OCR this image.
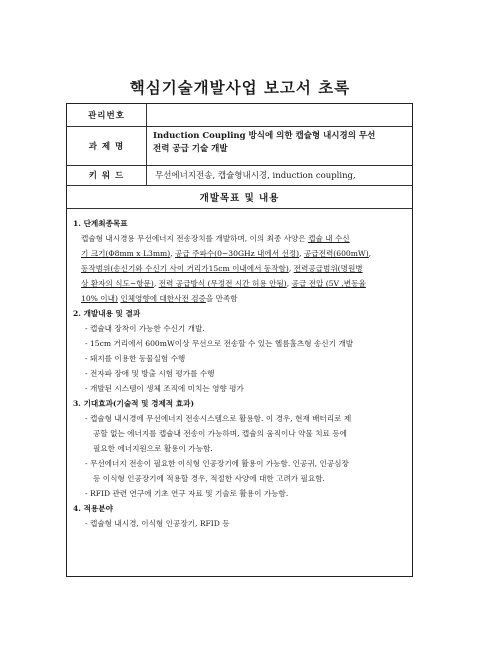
핵심기술개발사업 보고서 초록
관리번호
과 제 명
Induction Coupling 방식에 의한 캡슐형 내시경의 무선
전력 공급 기술 개발
키 워 드	무선에너지전송, 캡슐형내시경, induction coupling,
개발목표 및 내용
1. 단계최종목표
캡슐형 내시경용 무선에너지 전송장치를 개발하며, 이의 최종 사양은 캡슐 내 수신
기 크기(Φ8mm x L3mm), 공급 주파수(0~30GHz 내에서 선정), 공급전력(600mW),
동작범위(송신기와 수신기 사이 거리가15cm 이내에서 동작함), 전력공급범위(명원병
상 환자의 식도~항문), 전력 공급방식 (무정전 시간 허용 안됨), 공급 전압 (5V ,변동율
10% 이내) 인체영향에 대한사전 검증을 만족함
2. 개발내용 및 결과
- 캡슐내 장착이 가능한 수신기 개발.
- 15cm 거리에서 600mW이상 무선으로 전송할 수 있는 헬름홀츠형 송신기 개발
- 돼지를 이용한 동물실험 수행
- 전자파 장애 및 방출 시험 평가를 수행
- 개발된 시스템이 생체 조직에 미치는 영향 평가
3. 기대효과(기술적 및 경제적 효과)
- 캡슐형 내시경에 무선에너지 전송시스템으로 활용함. 이 경우, 현재 배터리로 제
공할 없는 에너지를 캡슐내 전송이 가능하며, 캡슐의 움직이나 약물 치료 등에
필요한 에너지원으로 활용이 가능함.
- 무선에너지 전송이 필요한 이식형 인공장기에 활용이 가능함. 인공귀, 인공심장
등 이식형 인공장기에 적용할 경우, 적절한 사양에 대한 고려가 필요함.
- RFID 관련 연구에 기초 연구 자료 및 기술로 활용이 가능함.
4. 적용분야
- 캡슐형 내시경, 이식형 인공장기, RFID 등
